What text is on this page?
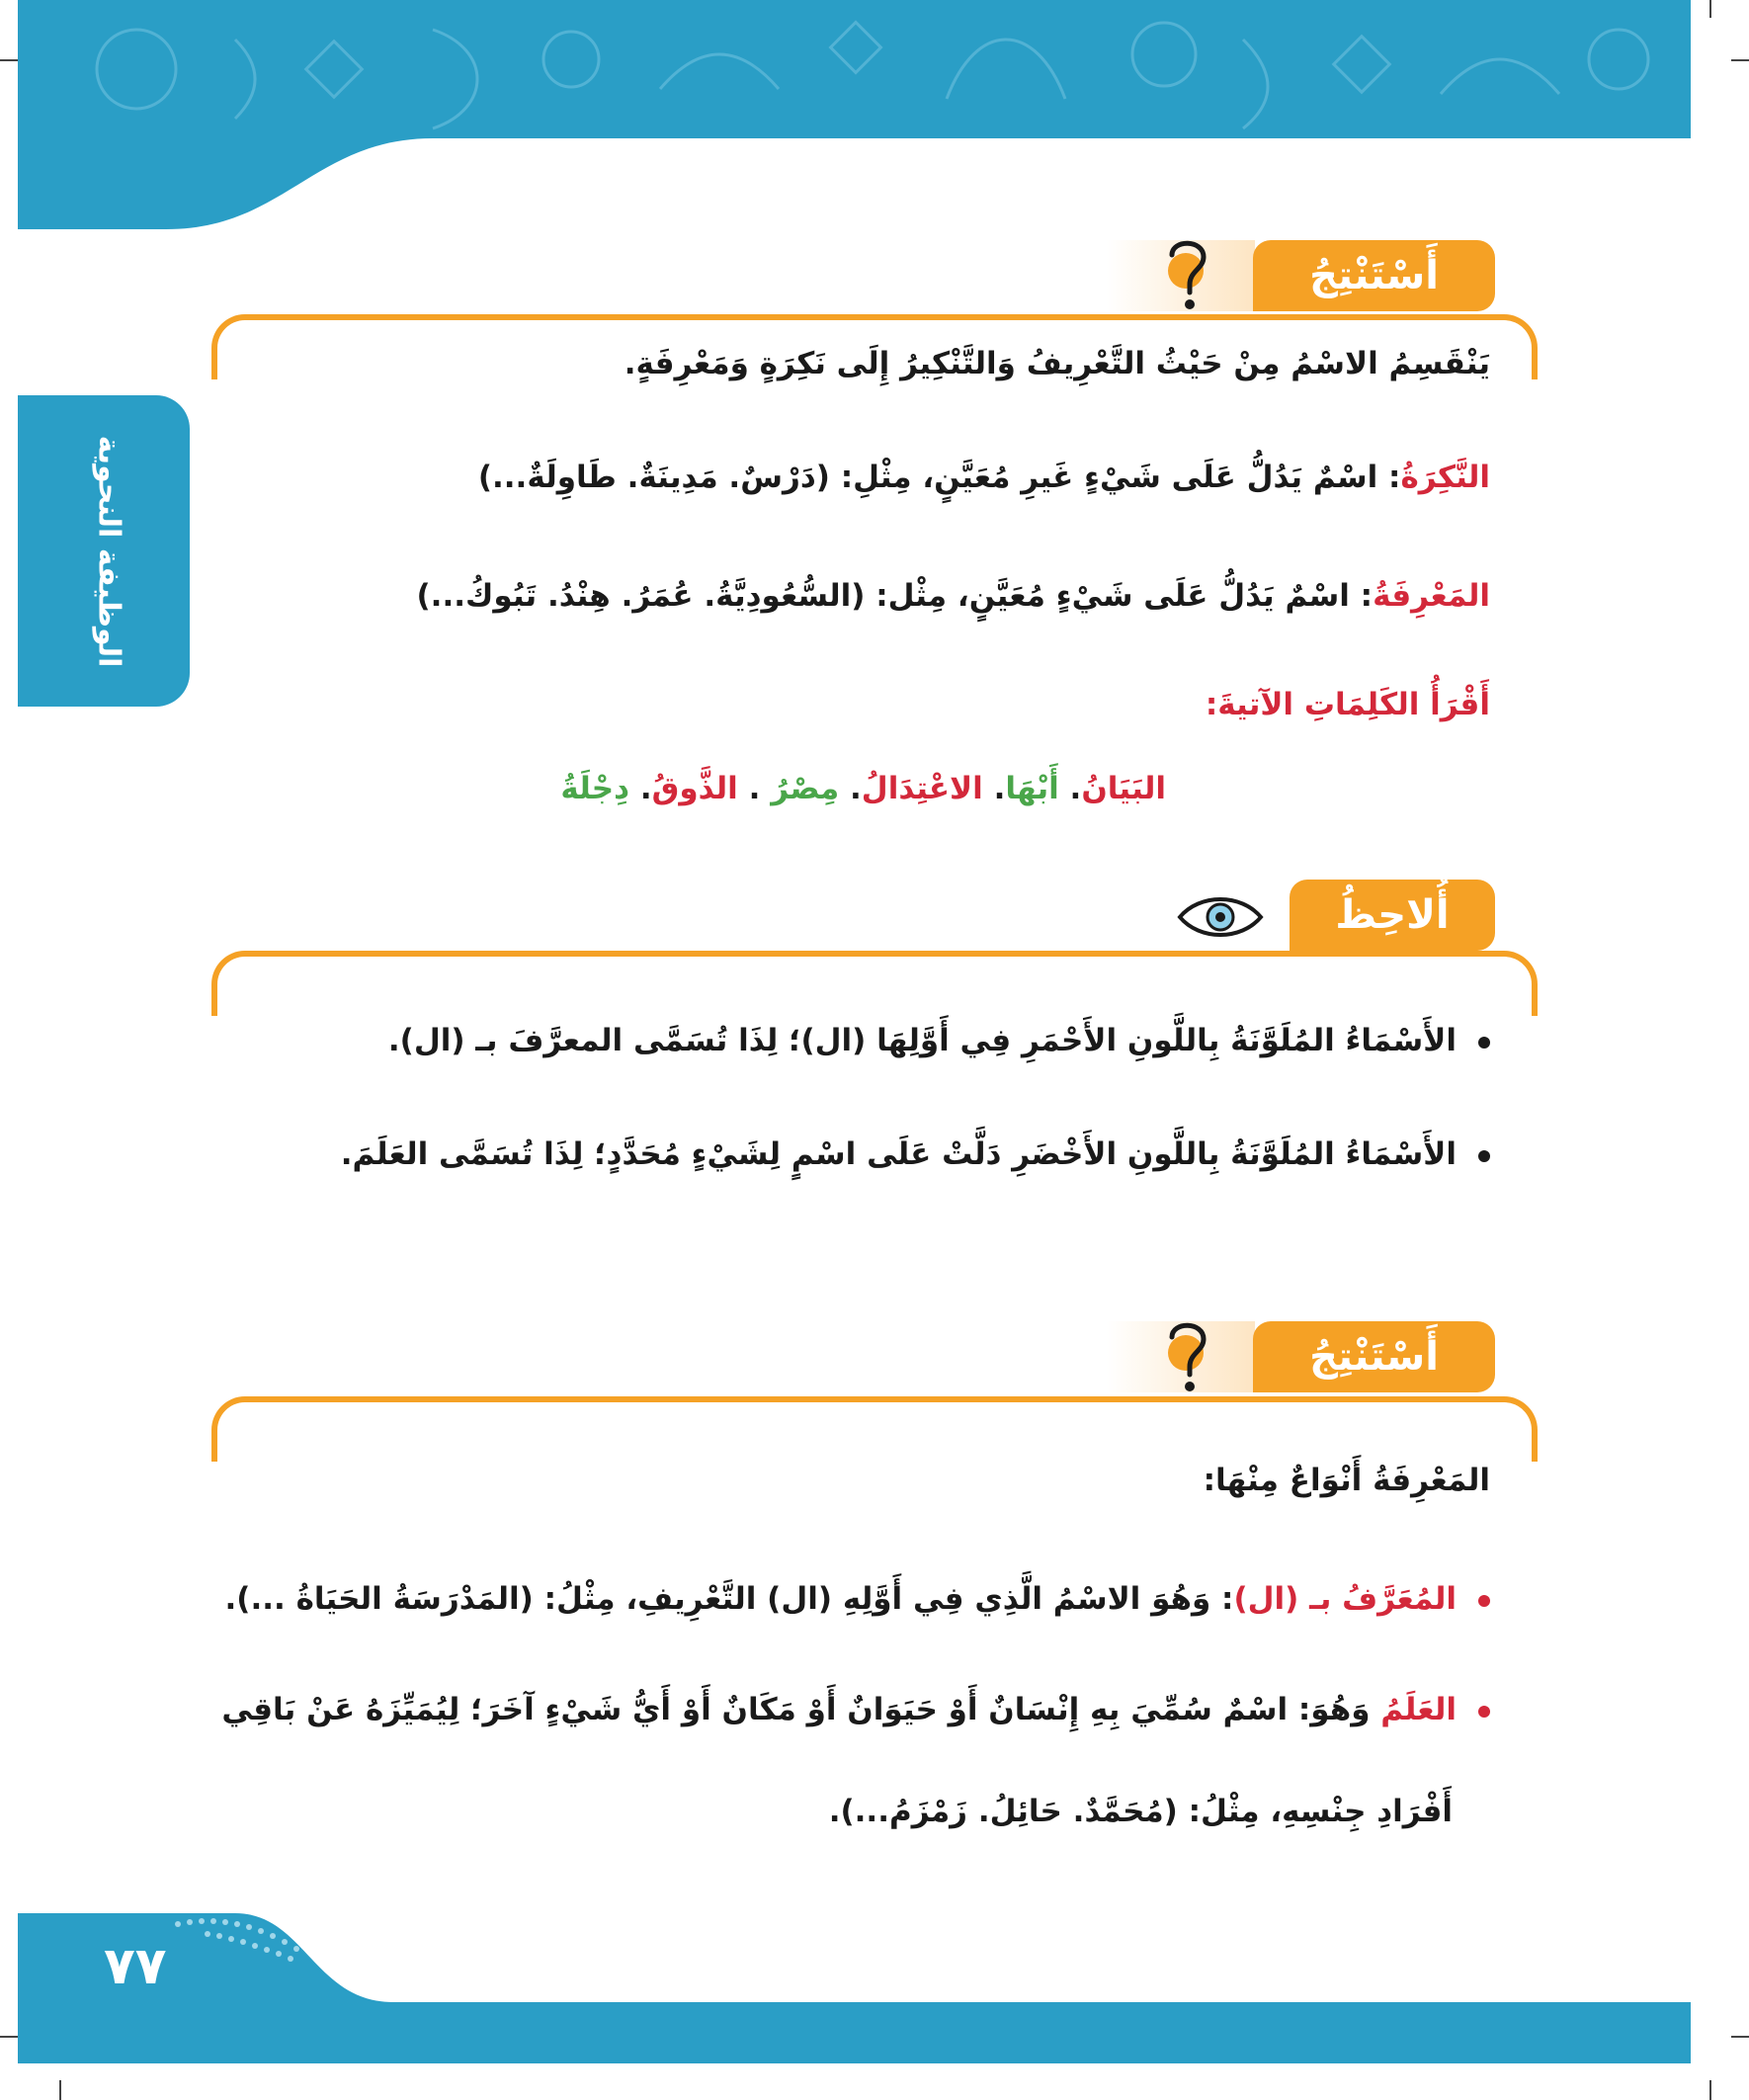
الوظيفة النحوية
أَسْتَنْتِجُ
يَنْقَسِمُ الاسْمُ مِنْ حَيْثُ التَّعْرِيفُ وَالتَّنْكِيرُ إِلَى نَكِرَةٍ وَمَعْرِفَةٍ.
النَّكِرَةُ: اسْمٌ يَدُلُّ عَلَى شَيْءٍ غَيرِ مُعَيَّنٍ، مِثْلِ: (دَرْسٌ. مَدِينَةٌ. طَاوِلَةٌ...)
المَعْرِفَةُ: اسْمٌ يَدُلُّ عَلَى شَيْءٍ مُعَيَّنٍ، مِثْل: (السُّعُودِيَّةُ. عُمَرُ. هِنْدُ. تَبُوكُ...)
أَقْرَأُ الكَلِمَاتِ الآتيةَ:
البَيَانُ. أَبْهَا. الاعْتِدَالُ. مِصْرُ . الذَّوقُ. دِجْلَةُ
أُلاحِظُ
الأَسْمَاءُ المُلَوَّنَةُ بِاللَّونِ الأَحْمَرِ فِي أَوَّلِهَا (ال)؛ لِذَا تُسَمَّى المعرَّفَ بـ (ال).
الأَسْمَاءُ المُلَوَّنَةُ بِاللَّونِ الأَخْضَرِ دَلَّتْ عَلَى اسْمٍ لِشَيْءٍ مُحَدَّدٍ؛ لِذَا تُسَمَّى العَلَمَ.
أَسْتَنْتِجُ
المَعْرِفَةُ أَنْوَاعٌ مِنْهَا:
المُعَرَّفُ بـ (ال): وَهُوَ الاسْمُ الَّذِي فِي أَوَّلِهِ (ال) التَّعْرِيفِ، مِثْلُ: (المَدْرَسَةُ الحَيَاةُ ...).
العَلَمُ وَهُوَ: اسْمٌ سُمِّيَ بِهِ إِنْسَانٌ أَوْ حَيَوَانٌ أَوْ مَكَانٌ أَوْ أَيُّ شَيْءٍ آخَرَ؛ لِيُمَيِّزَهُ عَنْ بَاقِي
أَفْرَادِ جِنْسِهِ، مِثْلُ: (مُحَمَّدٌ. حَائِلُ. زَمْزَمُ...).
٧٧
